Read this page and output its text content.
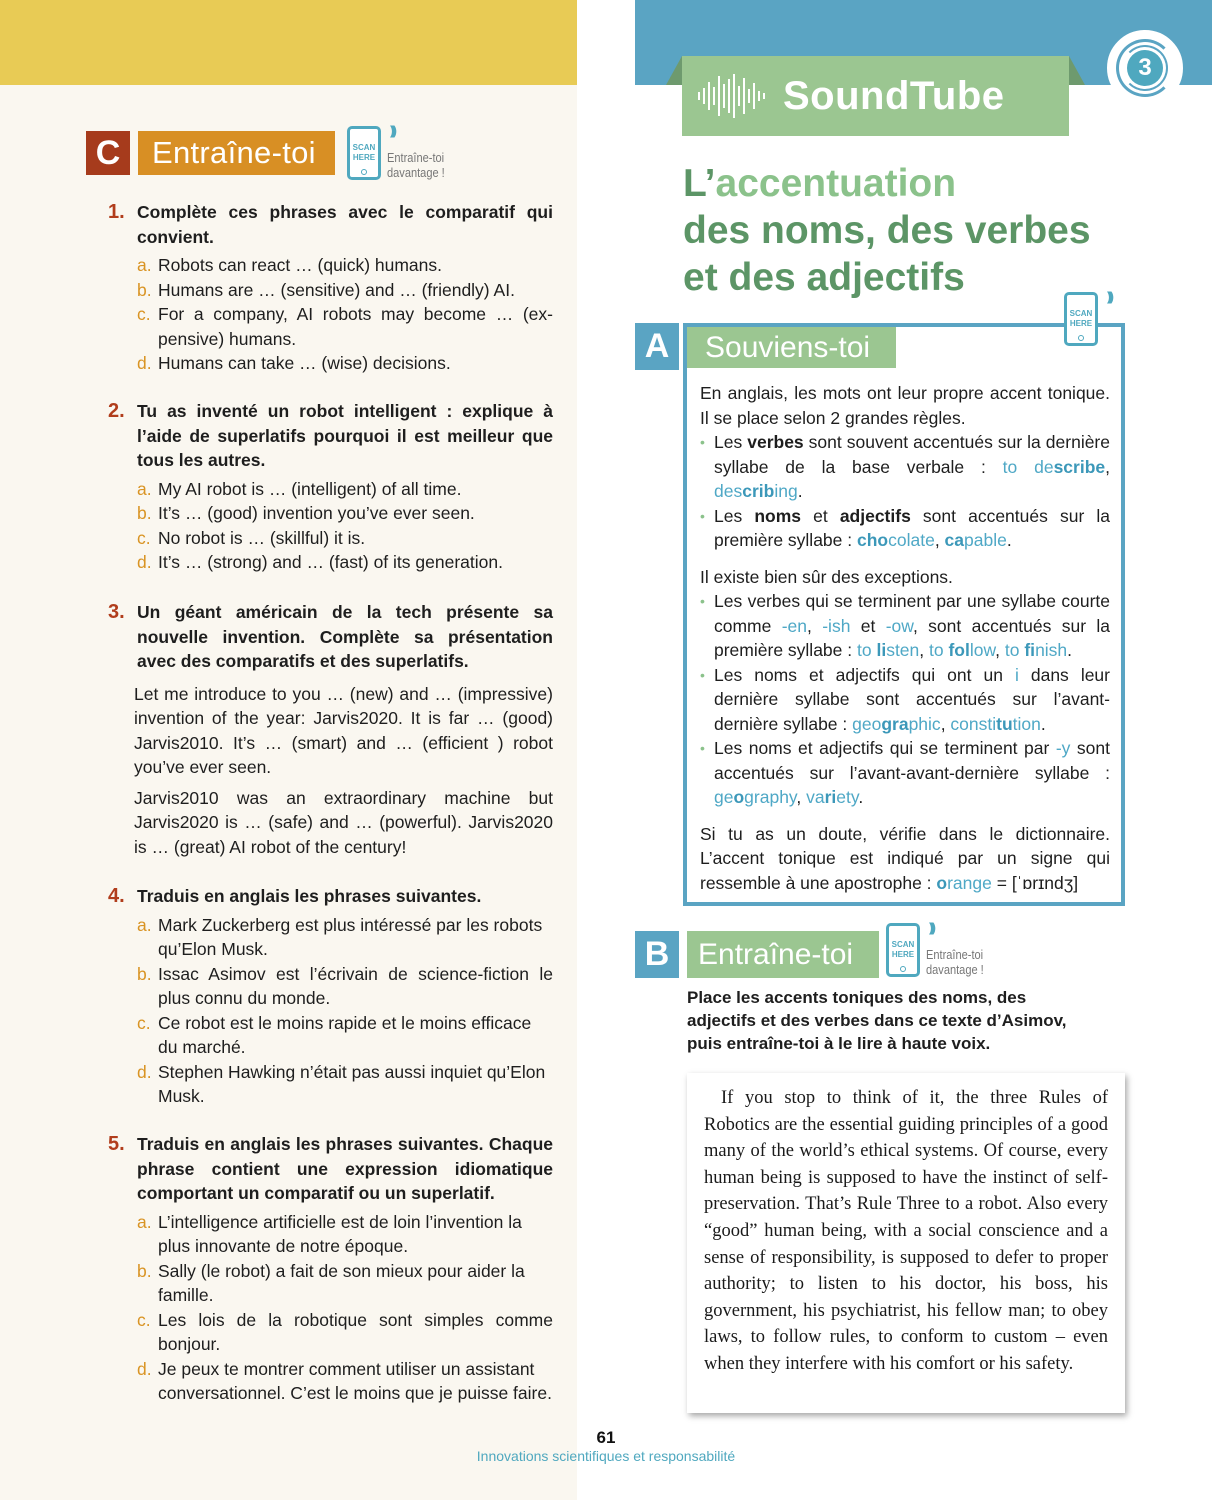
C	Entraîne-toi	SCAN
HERE
)))
Entraîne-toi
davantage !
1. Complète ces phrases avec le comparatif qui convient.
a. Robots can react … (quick) humans.
b. Humans are … (sensitive) and … (friendly) AI.
c. For a company, AI robots may become … (ex-pensive) humans.
d. Humans can take … (wise) decisions.
2. Tu as inventé un robot intelligent : explique à l’aide de superlatifs pourquoi il est meilleur que tous les autres.
a. My AI robot is … (intelligent) of all time.
b. It’s … (good) invention you’ve ever seen.
c. No robot is … (skillful) it is.
d. It’s … (strong) and … (fast) of its generation.
3. Un géant américain de la tech présente sa nouvelle invention. Complète sa présentation avec des comparatifs et des superlatifs.

Let me introduce to you … (new) and … (impressive) invention of the year: Jarvis2020. It is far … (good) Jarvis2010. It’s … (smart) and … (efficient ) robot you’ve ever seen.

Jarvis2010 was an extraordinary machine but Jarvis2020 is … (safe) and … (powerful). Jarvis2020 is … (great) AI robot of the century!

4. Traduis en anglais les phrases suivantes.
a. Mark Zuckerberg est plus intéressé par les robots qu’Elon Musk.
b. Issac Asimov est l’écrivain de science-fiction le plus connu du monde.
c. Ce robot est le moins rapide et le moins efficace du marché.
d. Stephen Hawking n’était pas aussi inquiet qu’Elon Musk.
5. Traduis en anglais les phrases suivantes. Chaque phrase contient une expression idiomatique comportant un comparatif ou un superlatif.
a. L’intelligence artificielle est de loin l’invention la plus innovante de notre époque.
b. Sally (le robot) a fait de son mieux pour aider la famille.
c. Les lois de la robotique sont simples comme bonjour.
d. Je peux te montrer comment utiliser un assistant conversationnel. C’est le moins que je puisse faire.
SoundTube
3
L’accentuation
des noms, des verbes
et des adjectifs
A	Souviens-toi
SCAN
HERE
)))

En anglais, les mots ont leur propre accent tonique. Il se place selon 2 grandes règles.

• Les verbes sont souvent accentués sur la dernière syllabe de la base verbale : to describe, describing.
• Les noms et adjectifs sont accentués sur la première syllabe : chocolate, capable.

Il existe bien sûr des exceptions.

• Les verbes qui se terminent par une syllabe courte comme -en, -ish et -ow, sont accentués sur la première syllabe : to listen, to follow, to finish.
• Les noms et adjectifs qui ont un i dans leur dernière syllabe sont accentués sur l’avant-dernière syllabe : geographic, constitution.
• Les noms et adjectifs qui se terminent par -y sont accentués sur l’avant-avant-dernière syllabe : geography, variety.

Si tu as un doute, vérifie dans le dictionnaire. L’accent tonique est indiqué par un signe qui ressemble à une apostrophe : orange = [ˈɒrɪndʒ]

B Entraîne-toi	SCAN
HERE
)))
Entraîne-toi
davantage !
Place les accents toniques des noms, des adjectifs et des verbes dans ce texte d’Asimov, puis entraîne-toi à le lire à haute voix.

If you stop to think of it, the three Rules of Robotics are the essential guiding principles of a good many of the world’s ethical systems. Of course, every human being is supposed to have the instinct of self-preservation. That’s Rule Three to a robot. Also every “good” human being, with a social conscience and a sense of responsibility, is supposed to defer to proper authority; to listen to his doctor, his boss, his government, his psychiatrist, his fellow man; to obey laws, to follow rules, to conform to custom – even when they interfere with his comfort or his safety.

61
Innovations scientifiques et responsabilité
